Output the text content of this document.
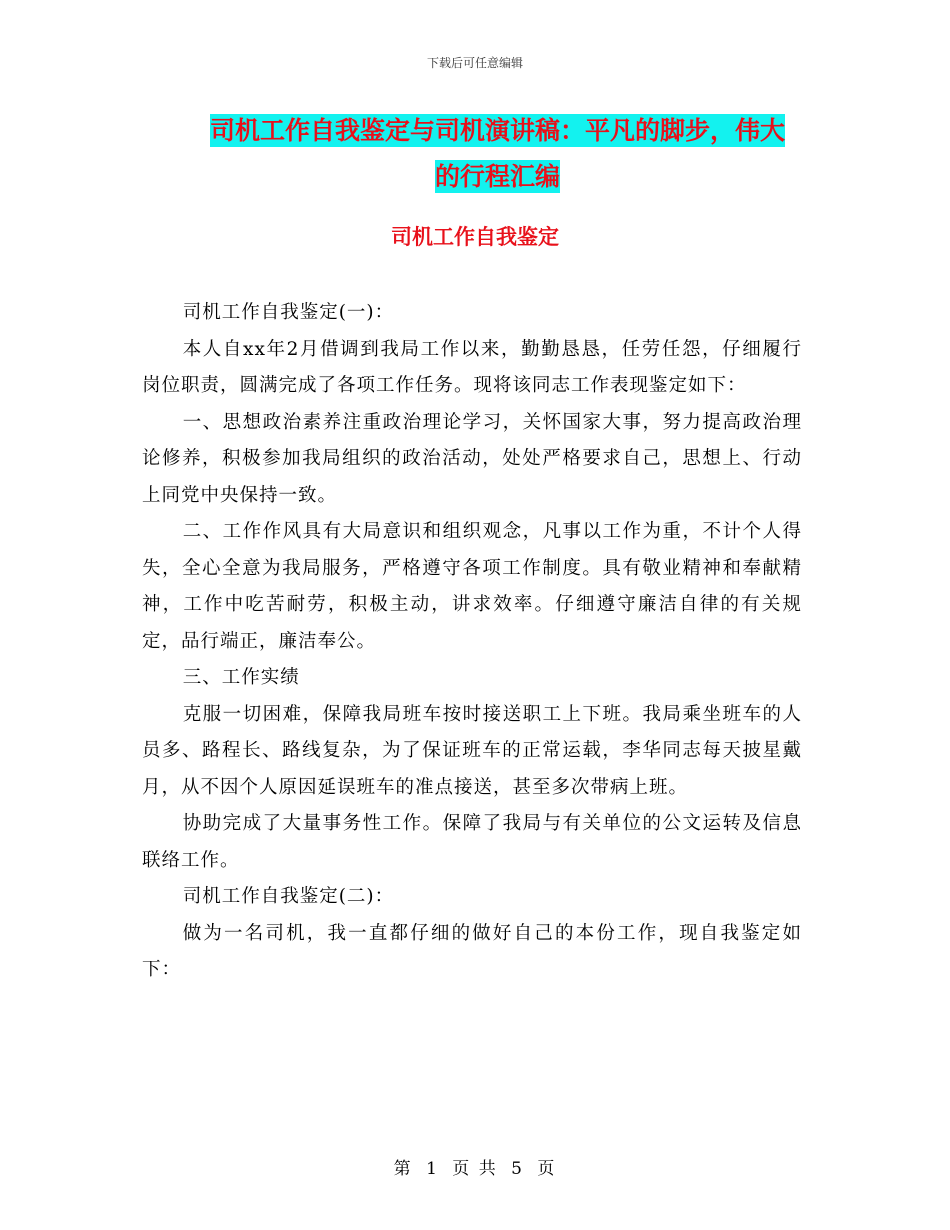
下载后可任意编辑
司机工作自我鉴定与司机演讲稿：平凡的脚步，伟大
的行程汇编
司机工作自我鉴定

司机工作自我鉴定(一)：

本人自xx年2月借调到我局工作以来，勤勤恳恳，任劳任怨，仔细履行岗位职责，圆满完成了各项工作任务。现将该同志工作表现鉴定如下：

一、思想政治素养注重政治理论学习，关怀国家大事，努力提高政治理论修养，积极参加我局组织的政治活动，处处严格要求自己，思想上、行动上同党中央保持一致。

二、工作作风具有大局意识和组织观念，凡事以工作为重，不计个人得失，全心全意为我局服务，严格遵守各项工作制度。具有敬业精神和奉献精神，工作中吃苦耐劳，积极主动，讲求效率。仔细遵守廉洁自律的有关规定，品行端正，廉洁奉公。

三、工作实绩

克服一切困难，保障我局班车按时接送职工上下班。我局乘坐班车的人员多、路程长、路线复杂，为了保证班车的正常运载，李华同志每天披星戴月，从不因个人原因延误班车的准点接送，甚至多次带病上班。

协助完成了大量事务性工作。保障了我局与有关单位的公文运转及信息联络工作。

司机工作自我鉴定(二)：

做为一名司机，我一直都仔细的做好自己的本份工作，现自我鉴定如下：

第 1 页 共 5 页
